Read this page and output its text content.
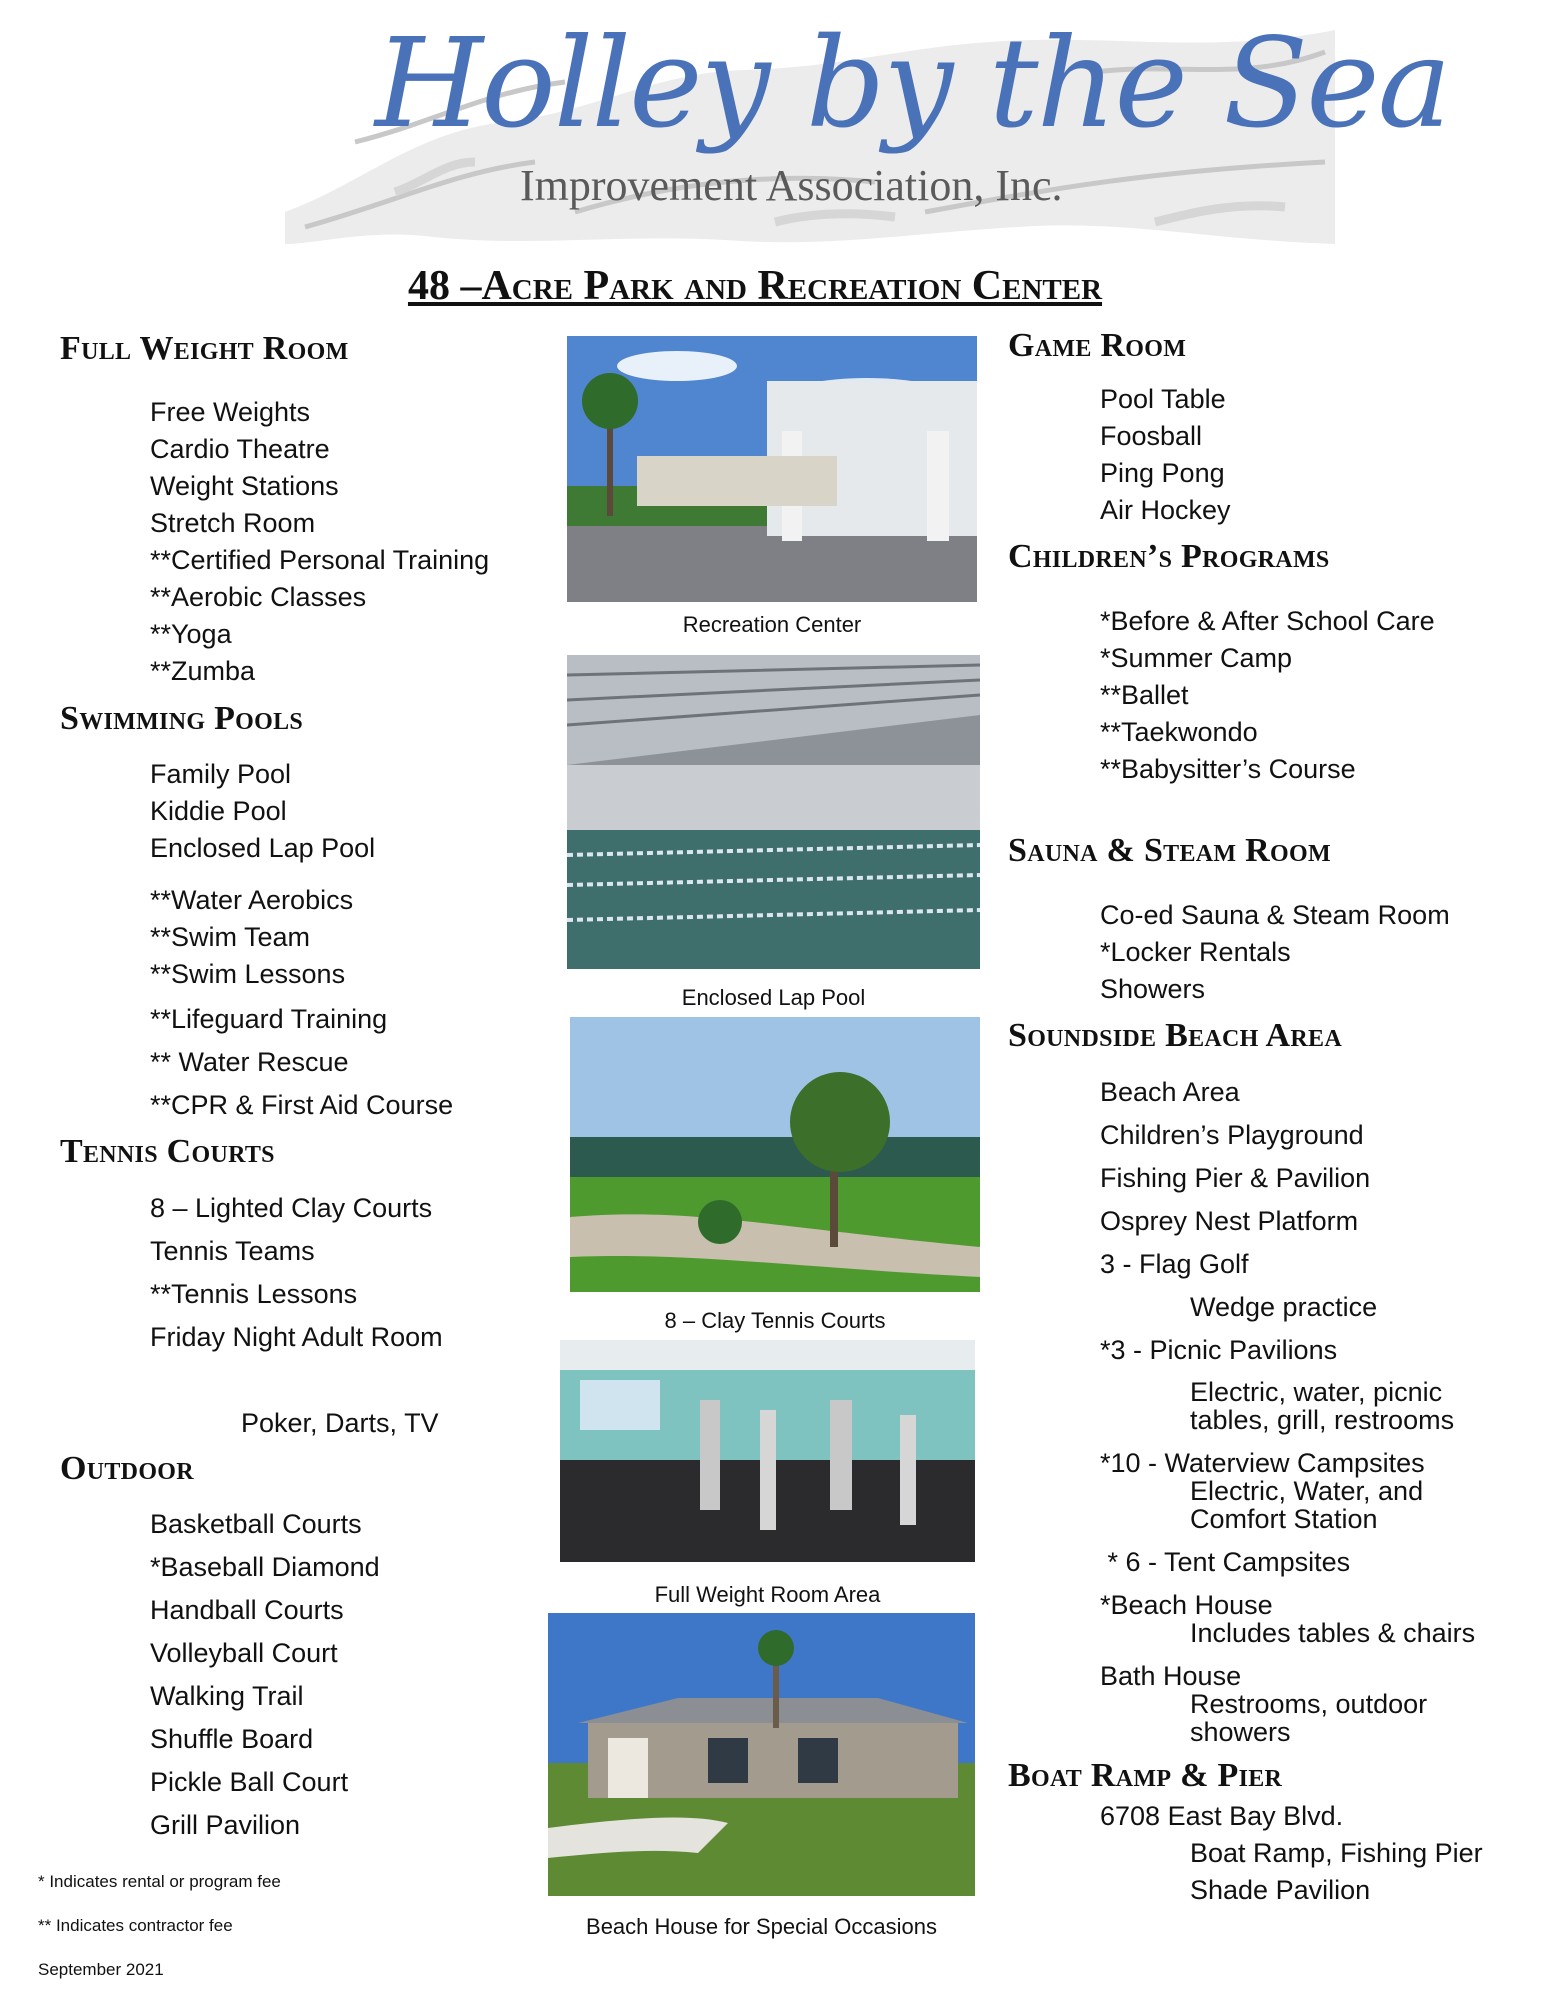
Holley by the Sea
Improvement Association, Inc.
48 –Acre Park and Recreation Center
Full Weight Room
Free Weights
Cardio Theatre
Weight Stations
Stretch Room
**Certified Personal Training
**Aerobic Classes
**Yoga
**Zumba
Swimming Pools
Family Pool
Kiddie Pool
Enclosed Lap Pool
**Water Aerobics
**Swim Team
**Swim Lessons
**Lifeguard Training
** Water Rescue
**CPR & First Aid Course
Tennis Courts
8 – Lighted Clay Courts
Tennis Teams
**Tennis Lessons
Friday Night Adult Room
Poker, Darts, TV
Outdoor
Basketball Courts
*Baseball Diamond
Handball Courts
Volleyball Court
Walking Trail
Shuffle Board
Pickle Ball Court
Grill Pavilion
* Indicates rental or program fee
** Indicates contractor fee
September 2021
Recreation Center
Enclosed Lap Pool
8 – Clay Tennis Courts
Full Weight Room Area
Beach House for Special Occasions
Game Room
Pool Table
Foosball
Ping Pong
Air Hockey
Children’s Programs
*Before & After School Care
*Summer Camp
**Ballet
**Taekwondo
**Babysitter’s Course
Sauna & Steam Room
Co-ed Sauna & Steam Room
*Locker Rentals
Showers
Soundside Beach Area
Beach Area
Children’s Playground
Fishing Pier & Pavilion
Osprey Nest Platform
3 - Flag Golf
Wedge practice
*3 - Picnic Pavilions
Electric, water, picnic
tables, grill, restrooms
*10 - Waterview Campsites
Electric, Water, and
Comfort Station
* 6 - Tent Campsites
*Beach House
Includes tables & chairs
Bath House
Restrooms, outdoor
showers
Boat Ramp & Pier
6708 East Bay Blvd.
Boat Ramp, Fishing Pier
Shade Pavilion
